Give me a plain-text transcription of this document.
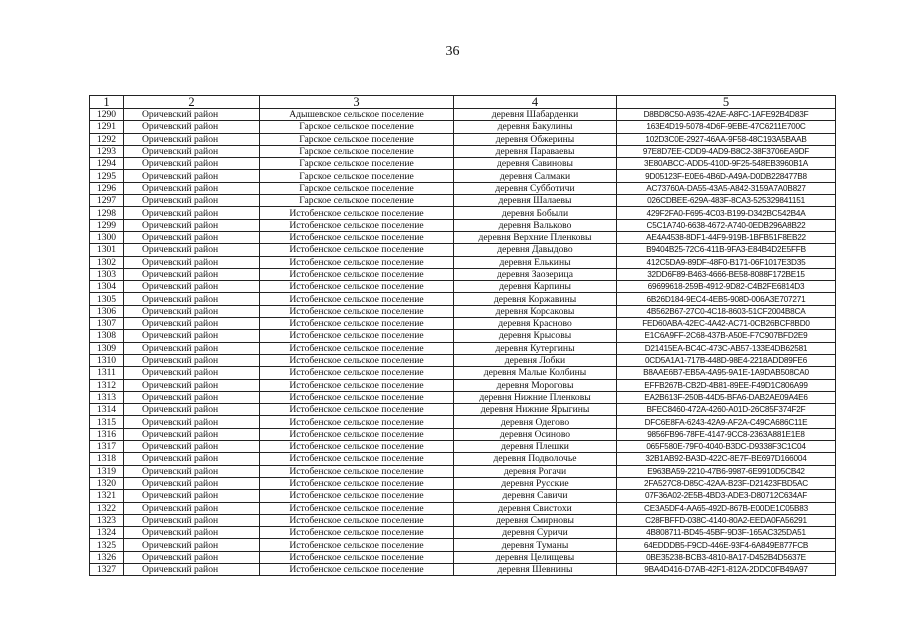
36
1	2	3	4	5
1290	Оричевский район	Адышевское сельское поселение	деревня Шабарденки	D8BD8C50-A935-42AE-A8FC-1AFE92B4D83F
1291	Оричевский район	Гарское сельское поселение	деревня Бакулины	163E4D19-5078-4D6F-9EBE-47C6211E700C
1292	Оричевский район	Гарское сельское поселение	деревня Обжерины	102D3C0E-2927-46AA-9F58-48C193A5BAAB
1293	Оричевский район	Гарское сельское поселение	деревня Параваевы	97E8D7EE-CDD9-4AD9-B8C2-38F3706EA9DF
1294	Оричевский район	Гарское сельское поселение	деревня Савиновы	3E80ABCC-ADD5-410D-9F25-548EB3960B1A
1295	Оричевский район	Гарское сельское поселение	деревня Салмаки	9D05123F-E0E6-4B6D-A49A-D0DB228477B8
1296	Оричевский район	Гарское сельское поселение	деревня Субботичи	AC73760A-DA55-43A5-A842-3159A7A0B827
1297	Оричевский район	Гарское сельское поселение	деревня Шалаевы	026CDBEE-629A-483F-8CA3-525329841151
1298	Оричевский район	Истобенское сельское поселение	деревня Бобыли	429F2FA0-F695-4C03-B199-D342BC542B4A
1299	Оричевский район	Истобенское сельское поселение	деревня Вальково	C5C1A740-6638-4672-A740-0EDB296A8B22
1300	Оричевский район	Истобенское сельское поселение	деревня Верхние Пленковы	AE4A4538-8DF1-44F9-919B-1BFB51F8EB22
1301	Оричевский район	Истобенское сельское поселение	деревня Давыдово	B9404B25-72C6-411B-9FA3-E84B4D2E5FFB
1302	Оричевский район	Истобенское сельское поселение	деревня Елькины	412C5DA9-89DF-48F0-B171-06F1017E3D35
1303	Оричевский район	Истобенское сельское поселение	деревня Заозерица	32DD6F89-B463-4666-BE58-8088F172BE15
1304	Оричевский район	Истобенское сельское поселение	деревня Карпины	69699618-259B-4912-9D82-C4B2FE6814D3
1305	Оричевский район	Истобенское сельское поселение	деревня Коржавины	6B26D184-9EC4-4EB5-908D-006A3E707271
1306	Оричевский район	Истобенское сельское поселение	деревня Корсаковы	4B562B67-27C0-4C18-8603-51CF2004B8CA
1307	Оричевский район	Истобенское сельское поселение	деревня Красново	FED60ABA-42EC-4A42-AC71-0CB26BCF8BD0
1308	Оричевский район	Истобенское сельское поселение	деревня Крысовы	E1C6A9FF-2C68-437B-A50E-F7C907BFD2E9
1309	Оричевский район	Истобенское сельское поселение	деревня Кутергины	D21415EA-BC4C-473C-AB57-133E4DB62581
1310	Оричевский район	Истобенское сельское поселение	деревня Лобки	0CD5A1A1-717B-448D-98E4-2218ADD89FE6
1311	Оричевский район	Истобенское сельское поселение	деревня Малые Колбины	B8AAE6B7-EB5A-4A95-9A1E-1A9DAB508CA0
1312	Оричевский район	Истобенское сельское поселение	деревня Мороговы	EFFB267B-CB2D-4B81-89EE-F49D1C806A99
1313	Оричевский район	Истобенское сельское поселение	деревня Нижние Пленковы	EA2B613F-250B-44D5-BFA6-DAB2AE09A4E6
1314	Оричевский район	Истобенское сельское поселение	деревня Нижние Ярыгины	BFEC8460-472A-4260-A01D-26C85F374F2F
1315	Оричевский район	Истобенское сельское поселение	деревня Одегово	DFC6E8FA-6243-42A9-AF2A-C49CA686C11E
1316	Оричевский район	Истобенское сельское поселение	деревня Осиново	9856FB96-78FE-4147-9CC8-2363A881E1E8
1317	Оричевский район	Истобенское сельское поселение	деревня Плешки	065F580E-79F0-4040-B3DC-D9338F3C1C04
1318	Оричевский район	Истобенское сельское поселение	деревня Подволочье	32B1AB92-BA3D-422C-8E7F-BE697D166004
1319	Оричевский район	Истобенское сельское поселение	деревня Рогачи	E963BA59-2210-47B6-9987-6E9910D5CB42
1320	Оричевский район	Истобенское сельское поселение	деревня Русские	2FA527C8-D85C-42AA-B23F-D21423FBD5AC
1321	Оричевский район	Истобенское сельское поселение	деревня Савичи	07F36A02-2E5B-4BD3-ADE3-D80712C634AF
1322	Оричевский район	Истобенское сельское поселение	деревня Свистохи	CE3A5DF4-AA65-492D-867B-E00DE1C05B83
1323	Оричевский район	Истобенское сельское поселение	деревня Смирновы	C28FBFFD-038C-4140-80A2-EEDA0FA56291
1324	Оричевский район	Истобенское сельское поселение	деревня Суричи	4B808711-BD45-45BF-9D3F-165AC325DA51
1325	Оричевский район	Истобенское сельское поселение	деревня Туманы	64EDDDB5-F9CD-446E-93F4-6A849E877FCB
1326	Оричевский район	Истобенское сельское поселение	деревня Целищевы	0BE35238-BCB3-4810-8A17-D452B4D5637E
1327	Оричевский район	Истобенское сельское поселение	деревня Шевнины	9BA4D416-D7AB-42F1-812A-2DDC0FB49A97
